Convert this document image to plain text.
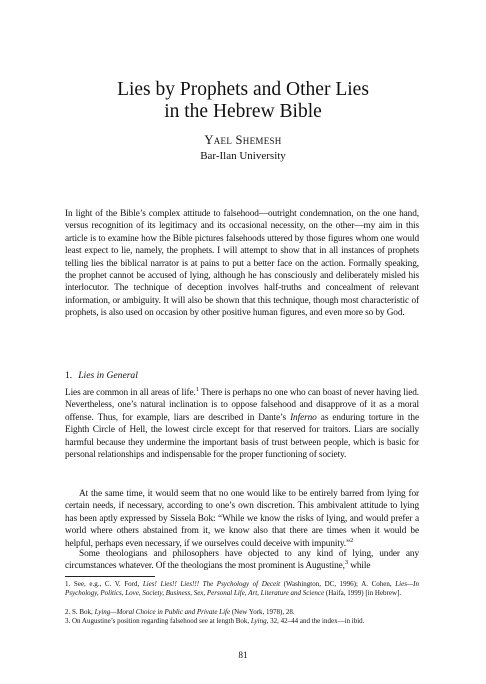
Lies by Prophets and Other Lies
in the Hebrew Bible
Yael Shemesh
Bar-Ilan University
In light of the Bible’s complex attitude to falsehood—outright condemnation, on the one hand, versus recognition of its legitimacy and its occasional necessity, on the other—my aim in this article is to examine how the Bible pictures falsehoods uttered by those figures whom one would least expect to lie, namely, the prophets. I will attempt to show that in all instances of prophets telling lies the biblical narrator is at pains to put a better face on the action. Formally speaking, the prophet cannot be accused of lying, although he has consciously and deliberately misled his interlocutor. The technique of deception involves half-truths and concealment of relevant information, or ambiguity. It will also be shown that this technique, though most characteristic of prophets, is also used on occasion by other positive human figures, and even more so by God.
1. Lies in General
Lies are common in all areas of life.$^1$ There is perhaps no one who can boast of never having lied. Nevertheless, one’s natural inclination is to oppose falsehood and disapprove of it as a moral offense. Thus, for example, liars are described in Dante’s Inferno as enduring torture in the Eighth Circle of Hell, the lowest circle except for that reserved for traitors. Liars are socially harmful because they undermine the important basis of trust between people, which is basic for personal relationships and indispensable for the proper functioning of society.
At the same time, it would seem that no one would like to be entirely barred from lying for certain needs, if necessary, according to one’s own discretion. This ambivalent attitude to lying has been aptly expressed by Sissela Bok: “While we know the risks of lying, and would prefer a world where others abstained from it, we know also that there are times when it would be helpful, perhaps even necessary, if we ourselves could deceive with impunity.”$^2$
Some theologians and philosophers have objected to any kind of lying, under any circumstances whatever. Of the theologians the most prominent is Augustine,$^3$ while
1. See, e.g., C. V. Ford, Lies! Lies!! Lies!!! The Psychology of Deceit (Washington, DC, 1996); A. Cohen, Lies—In Psychology, Politics, Love, Society, Business, Sex, Personal Life, Art, Literature and Science (Haifa, 1999) [in Hebrew].
2. S. Bok, Lying—Moral Choice in Public and Private Life (New York, 1978), 28.
3. On Augustine’s position regarding falsehood see at length Bok, Lying, 32, 42–44 and the index—in ibid.
81
